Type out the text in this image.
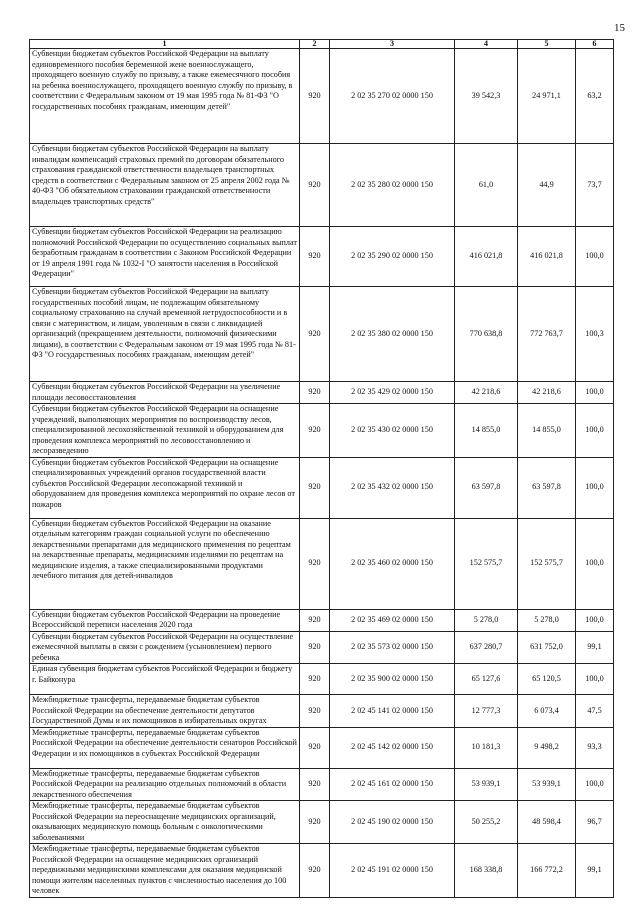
15
1	2	3	4	5	6
Субвенции бюджетам субъектов Российской Федерации на выплату единовременного пособия беременной жене военнослужащего, проходящего военную службу по призыву, а также ежемесячного пособия на ребенка военнослужащего, проходящего военную службу по призыву, в соответствии с Федеральным законом от 19 мая 1995 года № 81-ФЗ "О государственных пособиях гражданам, имеющим детей"	920	2 02 35 270 02 0000 150	39 542,3	24 971,1	63,2
Субвенции бюджетам субъектов Российской Федерации на выплату инвалидам компенсаций страховых премий по договорам обязательного страхования гражданской ответственности владельцев транспортных средств в соответствии с Федеральным законом от 25 апреля 2002 года № 40-ФЗ "Об обязательном страховании гражданской ответственности владельцев транспортных средств"	920	2 02 35 280 02 0000 150	61,0	44,9	73,7
Субвенции бюджетам субъектов Российской Федерации на реализацию полномочий Российской Федерации по осуществлению социальных выплат безработным гражданам в соответствии с Законом Российской Федерации от 19 апреля 1991 года № 1032-I "О занятости населения в Российской Федерации"	920	2 02 35 290 02 0000 150	416 021,8	416 021,8	100,0
Субвенции бюджетам субъектов Российской Федерации на выплату государственных пособий лицам, не подлежащим обязательному социальному страхованию на случай временной нетрудоспособности и в связи с материнством, и лицам, уволенным в связи с ликвидацией организаций (прекращением деятельности, полномочий физическими лицами), в соответствии с Федеральным законом от 19 мая 1995 года № 81-ФЗ "О государственных пособиях гражданам, имеющим детей"	920	2 02 35 380 02 0000 150	770 638,8	772 763,7	100,3
Субвенции бюджетам субъектов Российской Федерации на увеличение площади лесовосстановления	920	2 02 35 429 02 0000 150	42 218,6	42 218,6	100,0
Субвенции бюджетам субъектов Российской Федерации на оснащение учреждений, выполняющих мероприятия по воспроизводству лесов, специализированной лесохозяйственной техникой и оборудованием для проведения комплекса мероприятий по лесовосстановлению и лесоразведению	920	2 02 35 430 02 0000 150	14 855,0	14 855,0	100,0
Субвенции бюджетам субъектов Российской Федерации на оснащение специализированных учреждений органов государственной власти субъектов Российской Федерации лесопожарной техникой и оборудованием для проведения комплекса мероприятий по охране лесов от пожаров	920	2 02 35 432 02 0000 150	63 597,8	63 597,8	100,0
Субвенции бюджетам субъектов Российской Федерации на оказание отдельным категориям граждан социальной услуги по обеспечению лекарственными препаратами для медицинского применения по рецептам на лекарственные препараты, медицинскими изделиями по рецептам на медицинские изделия, а также специализированными продуктами лечебного питания для детей-инвалидов	920	2 02 35 460 02 0000 150	152 575,7	152 575,7	100,0
Субвенции бюджетам субъектов Российской Федерации на проведение Всероссийской переписи населения 2020 года	920	2 02 35 469 02 0000 150	5 278,0	5 278,0	100,0
Субвенции бюджетам субъектов Российской Федерации на осуществление ежемесячной выплаты в связи с рождением (усыновлением) первого ребенка	920	2 02 35 573 02 0000 150	637 280,7	631 752,0	99,1
Единая субвенция бюджетам субъектов Российской Федерации и бюджету г. Байконура	920	2 02 35 900 02 0000 150	65 127,6	65 120,5	100,0
Межбюджетные трансферты, передаваемые бюджетам субъектов Российской Федерации на обеспечение деятельности депутатов Государственной Думы и их помощников в избирательных округах	920	2 02 45 141 02 0000 150	12 777,3	6 073,4	47,5
Межбюджетные трансферты, передаваемые бюджетам субъектов Российской Федерации на обеспечение деятельности сенаторов Российской Федерации и их помощников в субъектах Российской Федерации	920	2 02 45 142 02 0000 150	10 181,3	9 498,2	93,3
Межбюджетные трансферты, передаваемые бюджетам субъектов Российской Федерации на реализацию отдельных полномочий в области лекарственного обеспечения	920	2 02 45 161 02 0000 150	53 939,1	53 939,1	100,0
Межбюджетные трансферты, передаваемые бюджетам субъектов Российской Федерации на переоснащение медицинских организаций, оказывающих медицинскую помощь больным с онкологическими заболеваниями	920	2 02 45 190 02 0000 150	50 255,2	48 598,4	96,7
Межбюджетные трансферты, передаваемые бюджетам субъектов Российской Федерации на оснащение медицинских организаций передвижными медицинскими комплексами для оказания медицинской помощи жителям населенных пунктов с численностью населения до 100 человек	920	2 02 45 191 02 0000 150	168 338,8	166 772,2	99,1
